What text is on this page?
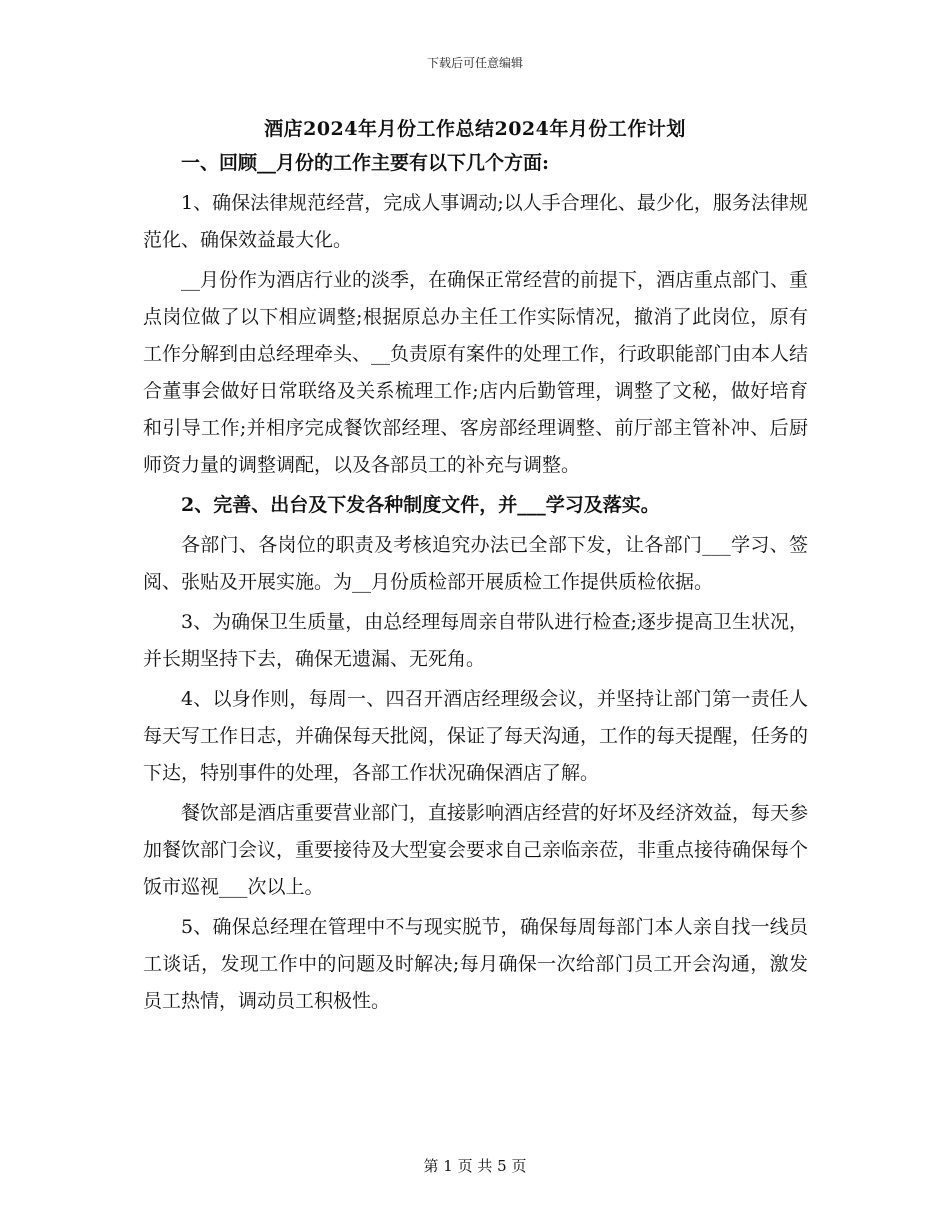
下载后可任意编辑
酒店2024年月份工作总结2024年月份工作计划

一、回顾__月份的工作主要有以下几个方面:

1、确保法律规范经营，完成人事调动;以人手合理化、最少化，服务法律规范化、确保效益最大化。

__月份作为酒店行业的淡季，在确保正常经营的前提下，酒店重点部门、重点岗位做了以下相应调整;根据原总办主任工作实际情况，撤消了此岗位，原有工作分解到由总经理牵头、__负责原有案件的处理工作，行政职能部门由本人结合董事会做好日常联络及关系梳理工作;店内后勤管理，调整了文秘，做好培育和引导工作;并相序完成餐饮部经理、客房部经理调整、前厅部主管补冲、后厨师资力量的调整调配，以及各部员工的补充与调整。

2、完善、出台及下发各种制度文件，并___学习及落实。

各部门、各岗位的职责及考核追究办法已全部下发，让各部门___学习、签阅、张贴及开展实施。为__月份质检部开展质检工作提供质检依据。

3、为确保卫生质量，由总经理每周亲自带队进行检查;逐步提高卫生状况，并长期坚持下去，确保无遗漏、无死角。

4、以身作则，每周一、四召开酒店经理级会议，并坚持让部门第一责任人每天写工作日志，并确保每天批阅，保证了每天沟通，工作的每天提醒，任务的下达，特别事件的处理，各部工作状况确保酒店了解。

餐饮部是酒店重要营业部门，直接影响酒店经营的好坏及经济效益，每天参加餐饮部门会议，重要接待及大型宴会要求自己亲临亲莅，非重点接待确保每个饭市巡视___次以上。

5、确保总经理在管理中不与现实脱节，确保每周每部门本人亲自找一线员工谈话，发现工作中的问题及时解决;每月确保一次给部门员工开会沟通，激发员工热情，调动员工积极性。

第 1 页 共 5 页
